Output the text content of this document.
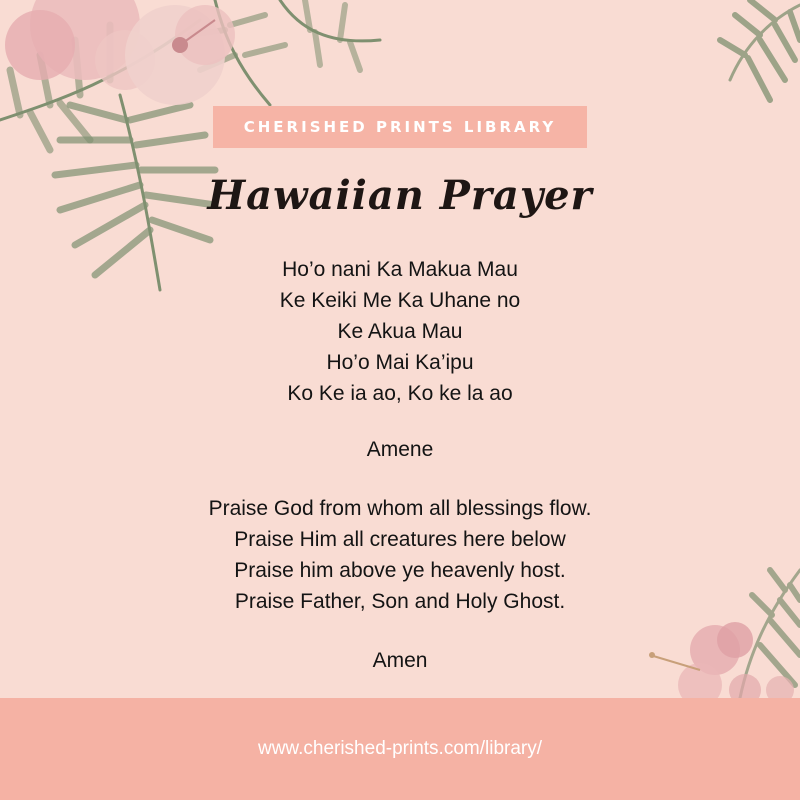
CHERISHED PRINTS LIBRARY
Hawaiian Prayer
Ho’o nani Ka Makua Mau
Ke Keiki Me Ka Uhane no
Ke Akua Mau
Ho’o Mai Ka’ipu
Ko Ke ia ao, Ko ke la ao
Amene
Praise God from whom all blessings flow.
Praise Him all creatures here below
Praise him above ye heavenly host.
Praise Father, Son and Holy Ghost.
Amen
www.cherished-prints.com/library/
